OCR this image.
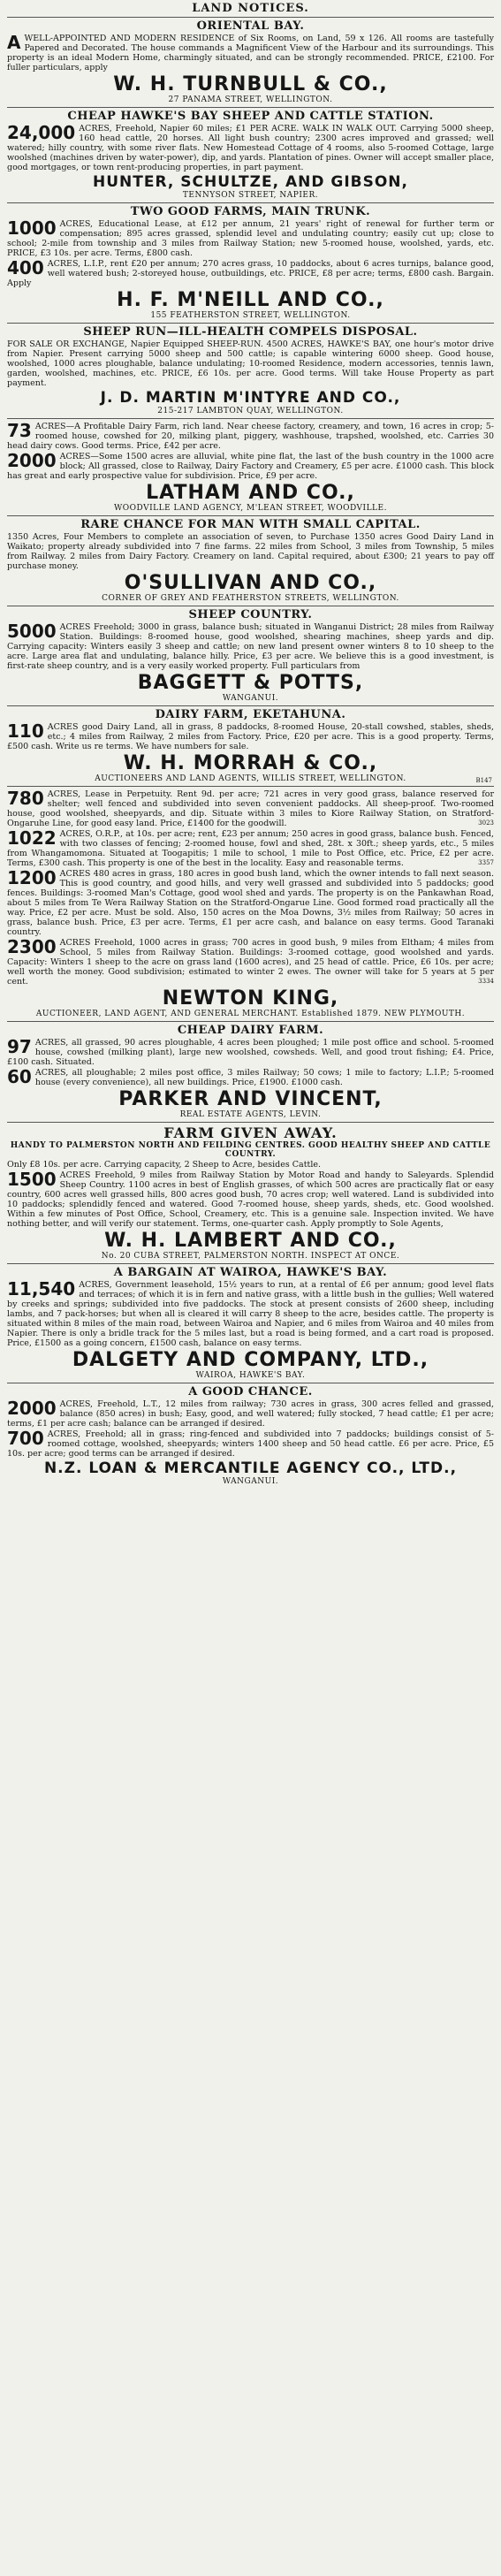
LAND NOTICES.
ORIENTAL BAY.
AWELL-APPOINTED AND MODERN RESIDENCE of Six Rooms, on Land, 59 x 126. All rooms are tastefully Papered and Decorated. The house commands a Magnificent View of the Harbour and its surroundings. This property is an ideal Modern Home, charmingly situated, and can be strongly recommended. PRICE, £2100. For fuller particulars, apply
W. H. TURNBULL & CO.,
27 PANAMA STREET, WELLINGTON.
CHEAP HAWKE'S BAY SHEEP AND CATTLE STATION.
24,000 ACRES, Freehold, Napier 60 miles; £1 PER ACRE. WALK IN WALK OUT. Carrying 5000 sheep, 160 head cattle, 20 horses. All light bush country; 2300 acres improved and grassed; well watered; hilly country, with some river flats. New Homestead Cottage of 4 rooms, also 5-roomed Cottage, large woolshed (machines driven by water-power), dip, and yards. Plantation of pines. Owner will accept smaller place, good mortgages, or town rent-producing properties, in part payment.
HUNTER, SCHULTZE, AND GIBSON,
TENNYSON STREET, NAPIER.
TWO GOOD FARMS, MAIN TRUNK.
1000 ACRES, Educational Lease, at £12 per annum, 21 years' right of renewal for further term or compensation; 895 acres grassed, splendid level and undulating country; easily cut up; close to school; 2-mile from township and 3 miles from Railway Station; new 5-roomed house, woolshed, yards, etc. PRICE, £3 10s. per acre. Terms, £800 cash.
400 ACRES, L.I.P., rent £20 per annum; 270 acres grass, 10 paddocks, about 6 acres turnips, balance good, well watered bush; 2-storeyed house, outbuildings, etc. PRICE, £8 per acre; terms, £800 cash. Bargain. Apply
H. F. M'NEILL AND CO.,
155 FEATHERSTON STREET, WELLINGTON.
SHEEP RUN—ILL-HEALTH COMPELS DISPOSAL.
FOR SALE OR EXCHANGE, Napier Equipped SHEEP-RUN. 4500 ACRES, HAWKE'S BAY, one hour's motor drive from Napier. Present carrying 5000 sheep and 500 cattle; is capable wintering 6000 sheep. Good house, woolshed, 1000 acres ploughable, balance undulating; 10-roomed Residence, modern accessories, tennis lawn, garden, woolshed, machines, etc. PRICE, £6 10s. per acre. Good terms. Will take House Property as part payment.
J. D. MARTIN M'INTYRE AND CO.,
215-217 LAMBTON QUAY, WELLINGTON.
73 ACRES—A Profitable Dairy Farm, rich land. Near cheese factory, creamery, and town, 16 acres in crop; 5-roomed house, cowshed for 20, milking plant, piggery, washhouse, trapshed, woolshed, etc. Carries 30 head dairy cows. Good terms. Price, £42 per acre.
2000 ACRES—Some 1500 acres are alluvial, white pine flat, the last of the bush country in the 1000 acre block; All grassed, close to Railway, Dairy Factory and Creamery, £5 per acre. £1000 cash. This block has great and early prospective value for subdivision. Price, £9 per acre.
LATHAM AND CO.,
WOODVILLE LAND AGENCY, M'LEAN STREET, WOODVILLE.
RARE CHANCE FOR MAN WITH SMALL CAPITAL.
1350 Acres, Four Members to complete an association of seven, to Purchase 1350 acres Good Dairy Land in Waikato; property already subdivided into 7 fine farms. 22 miles from School, 3 miles from Township, 5 miles from Railway. 2 miles from Dairy Factory. Creamery on land. Capital required, about £300; 21 years to pay off purchase money.
O'SULLIVAN AND CO.,
CORNER OF GREY AND FEATHERSTON STREETS, WELLINGTON.
SHEEP COUNTRY.
5000 ACRES Freehold; 3000 in grass, balance bush; situated in Wanganui District; 28 miles from Railway Station. Buildings: 8-roomed house, good woolshed, shearing machines, sheep yards and dip. Carrying capacity: Winters easily 3 sheep and cattle; on new land present owner winters 8 to 10 sheep to the acre. Large area flat and undulating, balance hilly. Price, £3 per acre. We believe this is a good investment, is first-rate sheep country, and is a very easily worked property. Full particulars from
BAGGETT & POTTS,
WANGANUI.
DAIRY FARM, EKETAHUNA.
110 ACRES good Dairy Land, all in grass, 8 paddocks, 8-roomed House, 20-stall cowshed, stables, sheds, etc.; 4 miles from Railway, 2 miles from Factory. Price, £20 per acre. This is a good property. Terms, £500 cash. Write us re terms. We have numbers for sale.
W. H. MORRAH & CO.,
AUCTIONEERS AND LAND AGENTS, WILLIS STREET, WELLINGTON.	B147
780 ACRES, Lease in Perpetuity. Rent 9d. per acre; 721 acres in very good grass, balance reserved for shelter; well fenced and subdivided into seven convenient paddocks. All sheep-proof. Two-roomed house, good woolshed, sheepyards, and dip. Situate within 3 miles to Kiore Railway Station, on Stratford-Ongaruhe Line, for good easy land. Price, £1400 for the goodwill.	3023
1022 ACRES, O.R.P., at 10s. per acre; rent, £23 per annum; 250 acres in good grass, balance bush. Fenced, with two classes of fencing; 2-roomed house, fowl and shed, 28t. x 30ft.; sheep yards, etc., 5 miles from Whangamomona. Situated at Toogapitis; 1 mile to school, 1 mile to Post Office, etc. Price, £2 per acre. Terms, £300 cash. This property is one of the best in the locality. Easy and reasonable terms.	3357
1200 ACRES 480 acres in grass, 180 acres in good bush land, which the owner intends to fall next season. This is good country, and good hills, and very well grassed and subdivided into 5 paddocks; good fences. Buildings: 3-roomed Man's Cottage, good wool shed and yards. The property is on the Pankawhan Road, about 5 miles from Te Wera Railway Station on the Stratford-Ongarue Line. Good formed road practically all the way. Price, £2 per acre. Must be sold. Also, 150 acres on the Moa Downs, 3½ miles from Railway; 50 acres in grass, balance bush. Price, £3 per acre. Terms, £1 per acre cash, and balance on easy terms. Good Taranaki country.
2300 ACRES Freehold, 1000 acres in grass; 700 acres in good bush, 9 miles from Eltham; 4 miles from School, 5 miles from Railway Station. Buildings: 3-roomed cottage, good woolshed and yards. Capacity: Winters 1 sheep to the acre on grass land (1600 acres), and 25 head of cattle. Price, £6 10s. per acre; well worth the money. Good subdivision; estimated to winter 2 ewes. The owner will take for 5 years at 5 per cent.	3334
NEWTON KING,
AUCTIONEER, LAND AGENT, AND GENERAL MERCHANT. Established 1879. NEW PLYMOUTH.
CHEAP DAIRY FARM.
97 ACRES, all grassed, 90 acres ploughable, 4 acres been ploughed; 1 mile post office and school. 5-roomed house, cowshed (milking plant), large new woolshed, cowsheds. Well, and good trout fishing; £4. Price, £100 cash. Situated.
60 ACRES, all ploughable; 2 miles post office, 3 miles Railway; 50 cows; 1 mile to factory; L.I.P.; 5-roomed house (every convenience), all new buildings. Price, £1900. £1000 cash.
PARKER AND VINCENT,
REAL ESTATE AGENTS, LEVIN.
FARM GIVEN AWAY.
HANDY TO PALMERSTON NORTH AND FEILDING CENTRES. GOOD HEALTHY SHEEP AND CATTLE COUNTRY.
Only £8 10s. per acre. Carrying capacity, 2 Sheep to Acre, besides Cattle.
1500 ACRES Freehold, 9 miles from Railway Station by Motor Road and handy to Saleyards. Splendid Sheep Country. 1100 acres in best of English grasses, of which 500 acres are practically flat or easy country, 600 acres well grassed hills, 800 acres good bush, 70 acres crop; well watered. Land is subdivided into 10 paddocks; splendidly fenced and watered. Good 7-roomed house, sheep yards, sheds, etc. Good woolshed. Within a few minutes of Post Office, School, Creamery, etc. This is a genuine sale. Inspection invited. We have nothing better, and will verify our statement. Terms, one-quarter cash. Apply promptly to Sole Agents,
W. H. LAMBERT AND CO.,
No. 20 CUBA STREET, PALMERSTON NORTH. INSPECT AT ONCE.
A BARGAIN AT WAIROA, HAWKE'S BAY.
11,540 ACRES, Government leasehold, 15½ years to run, at a rental of £6 per annum; good level flats and terraces; of which it is in fern and native grass, with a little bush in the gullies; Well watered by creeks and springs; subdivided into five paddocks. The stock at present consists of 2600 sheep, including lambs, and 7 pack-horses; but when all is cleared it will carry 8 sheep to the acre, besides cattle. The property is situated within 8 miles of the main road, between Wairoa and Napier, and 6 miles from Wairoa and 40 miles from Napier. There is only a bridle track for the 5 miles last, but a road is being formed, and a cart road is proposed. Price, £1500 as a going concern, £1500 cash, balance on easy terms.
DALGETY AND COMPANY, LTD.,
WAIROA, HAWKE'S BAY.
A GOOD CHANCE.
2000 ACRES, Freehold, L.T., 12 miles from railway; 730 acres in grass, 300 acres felled and grassed, balance (850 acres) in bush; Easy, good, and well watered; fully stocked, 7 head cattle; £1 per acre; terms, £1 per acre cash; balance can be arranged if desired.
700 ACRES, Freehold; all in grass; ring-fenced and subdivided into 7 paddocks; buildings consist of 5-roomed cottage, woolshed, sheepyards; winters 1400 sheep and 50 head cattle. £6 per acre. Price, £5 10s. per acre; good terms can be arranged if desired.
N.Z. LOAN & MERCANTILE AGENCY CO., LTD.,
WANGANUI.
